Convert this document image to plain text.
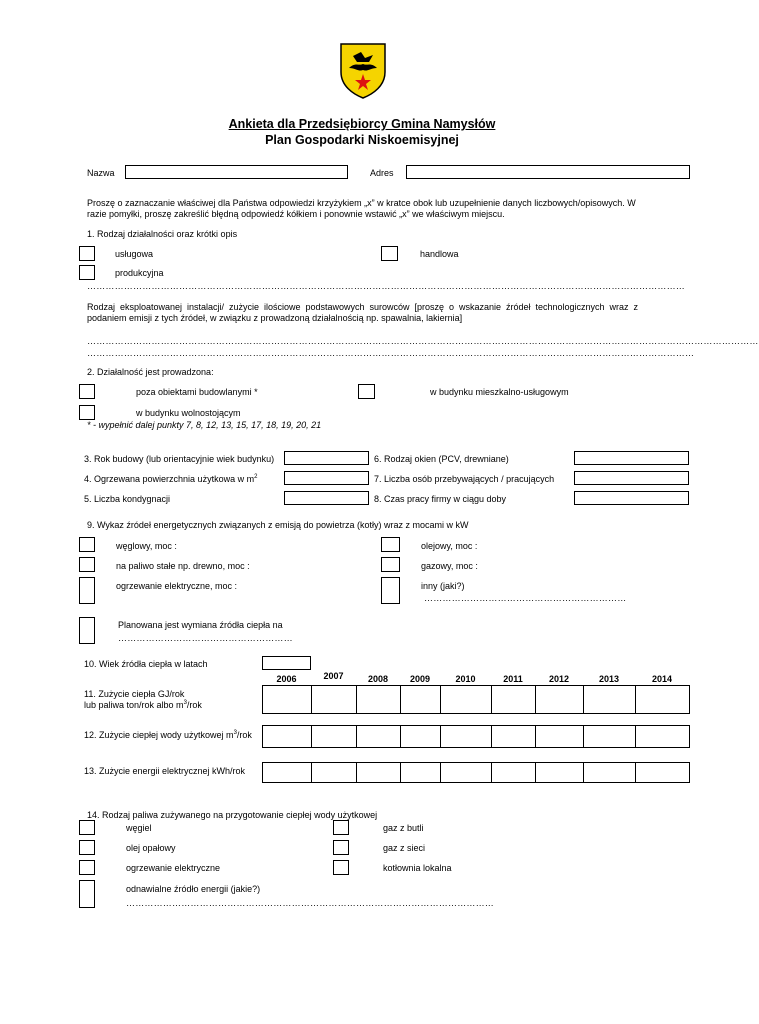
Ankieta dla Przedsiębiorcy Gmina Namysłów
Plan Gospodarki Niskoemisyjnej
Nazwa	Adres
Proszę o zaznaczanie właściwej dla Państwa odpowiedzi krzyżykiem „x” w kratce obok lub uzupełnienie danych liczbowych/opisowych. W razie pomyłki, proszę zakreślić błędną odpowiedź kółkiem i ponownie wstawić „x” we właściwym miejscu.
1. Rodzaj działalności oraz krótki opis
usługowa	handlowa
produkcyjna
……………………………………………………………………………………………………………………………………………………………………………
Rodzaj eksploatowanej instalacji/ zużycie ilościowe podstawowych surowców [proszę o wskazanie źródeł technologicznych wraz z podaniem emisji z tych źródeł, w związku z prowadzoną działalnością np. spawalnia, lakiernia]
…………………………………………………………………………………………………………………………………………………………………………………………………
………………………………………………………………………………………………………………………………………………………………………………
2. Działalność jest prowadzona:
poza obiektami budowlanymi *	w budynku mieszkalno-usługowym
w budynku wolnostojącym
* - wypełnić dalej punkty 7, 8, 12, 13, 15, 17, 18, 19, 20, 21
3. Rok budowy (lub orientacyjnie wiek budynku)	6. Rodzaj okien (PCV, drewniane)
4. Ogrzewana powierzchnia użytkowa w $m^2$	7. Liczba osób przebywających / pracujących
5. Liczba kondygnacji	8. Czas pracy firmy w ciągu doby
9. Wykaz źródeł energetycznych związanych z emisją do powietrza (kotły) wraz z mocami w kW
węglowy, moc :	olejowy, moc :
na paliwo stałe np. drewno, moc :	gazowy, moc :
ogrzewanie elektryczne, moc :	inny (jaki?)
…………………………………………………………
Planowana jest wymiana źródła ciepła na
…………………………………………………
10. Wiek źródła ciepła w latach
2006	2007	2008	2009	2010	2011	2012	2013	2014
11. Zużycie ciepła GJ/rok
lub paliwa ton/rok albo $m^3$/rok

12. Zużycie ciepłej wody użytkowej $m^3$/rok

13. Zużycie energii elektrycznej kWh/rok

14. Rodzaj paliwa zużywanego na przygotowanie ciepłej wody użytkowej
węgiel	gaz z butli
olej opałowy	gaz z sieci
ogrzewanie elektryczne	kotłownia lokalna
odnawialne źródło energii (jakie?)
…………………………………………………………………………………………………………
